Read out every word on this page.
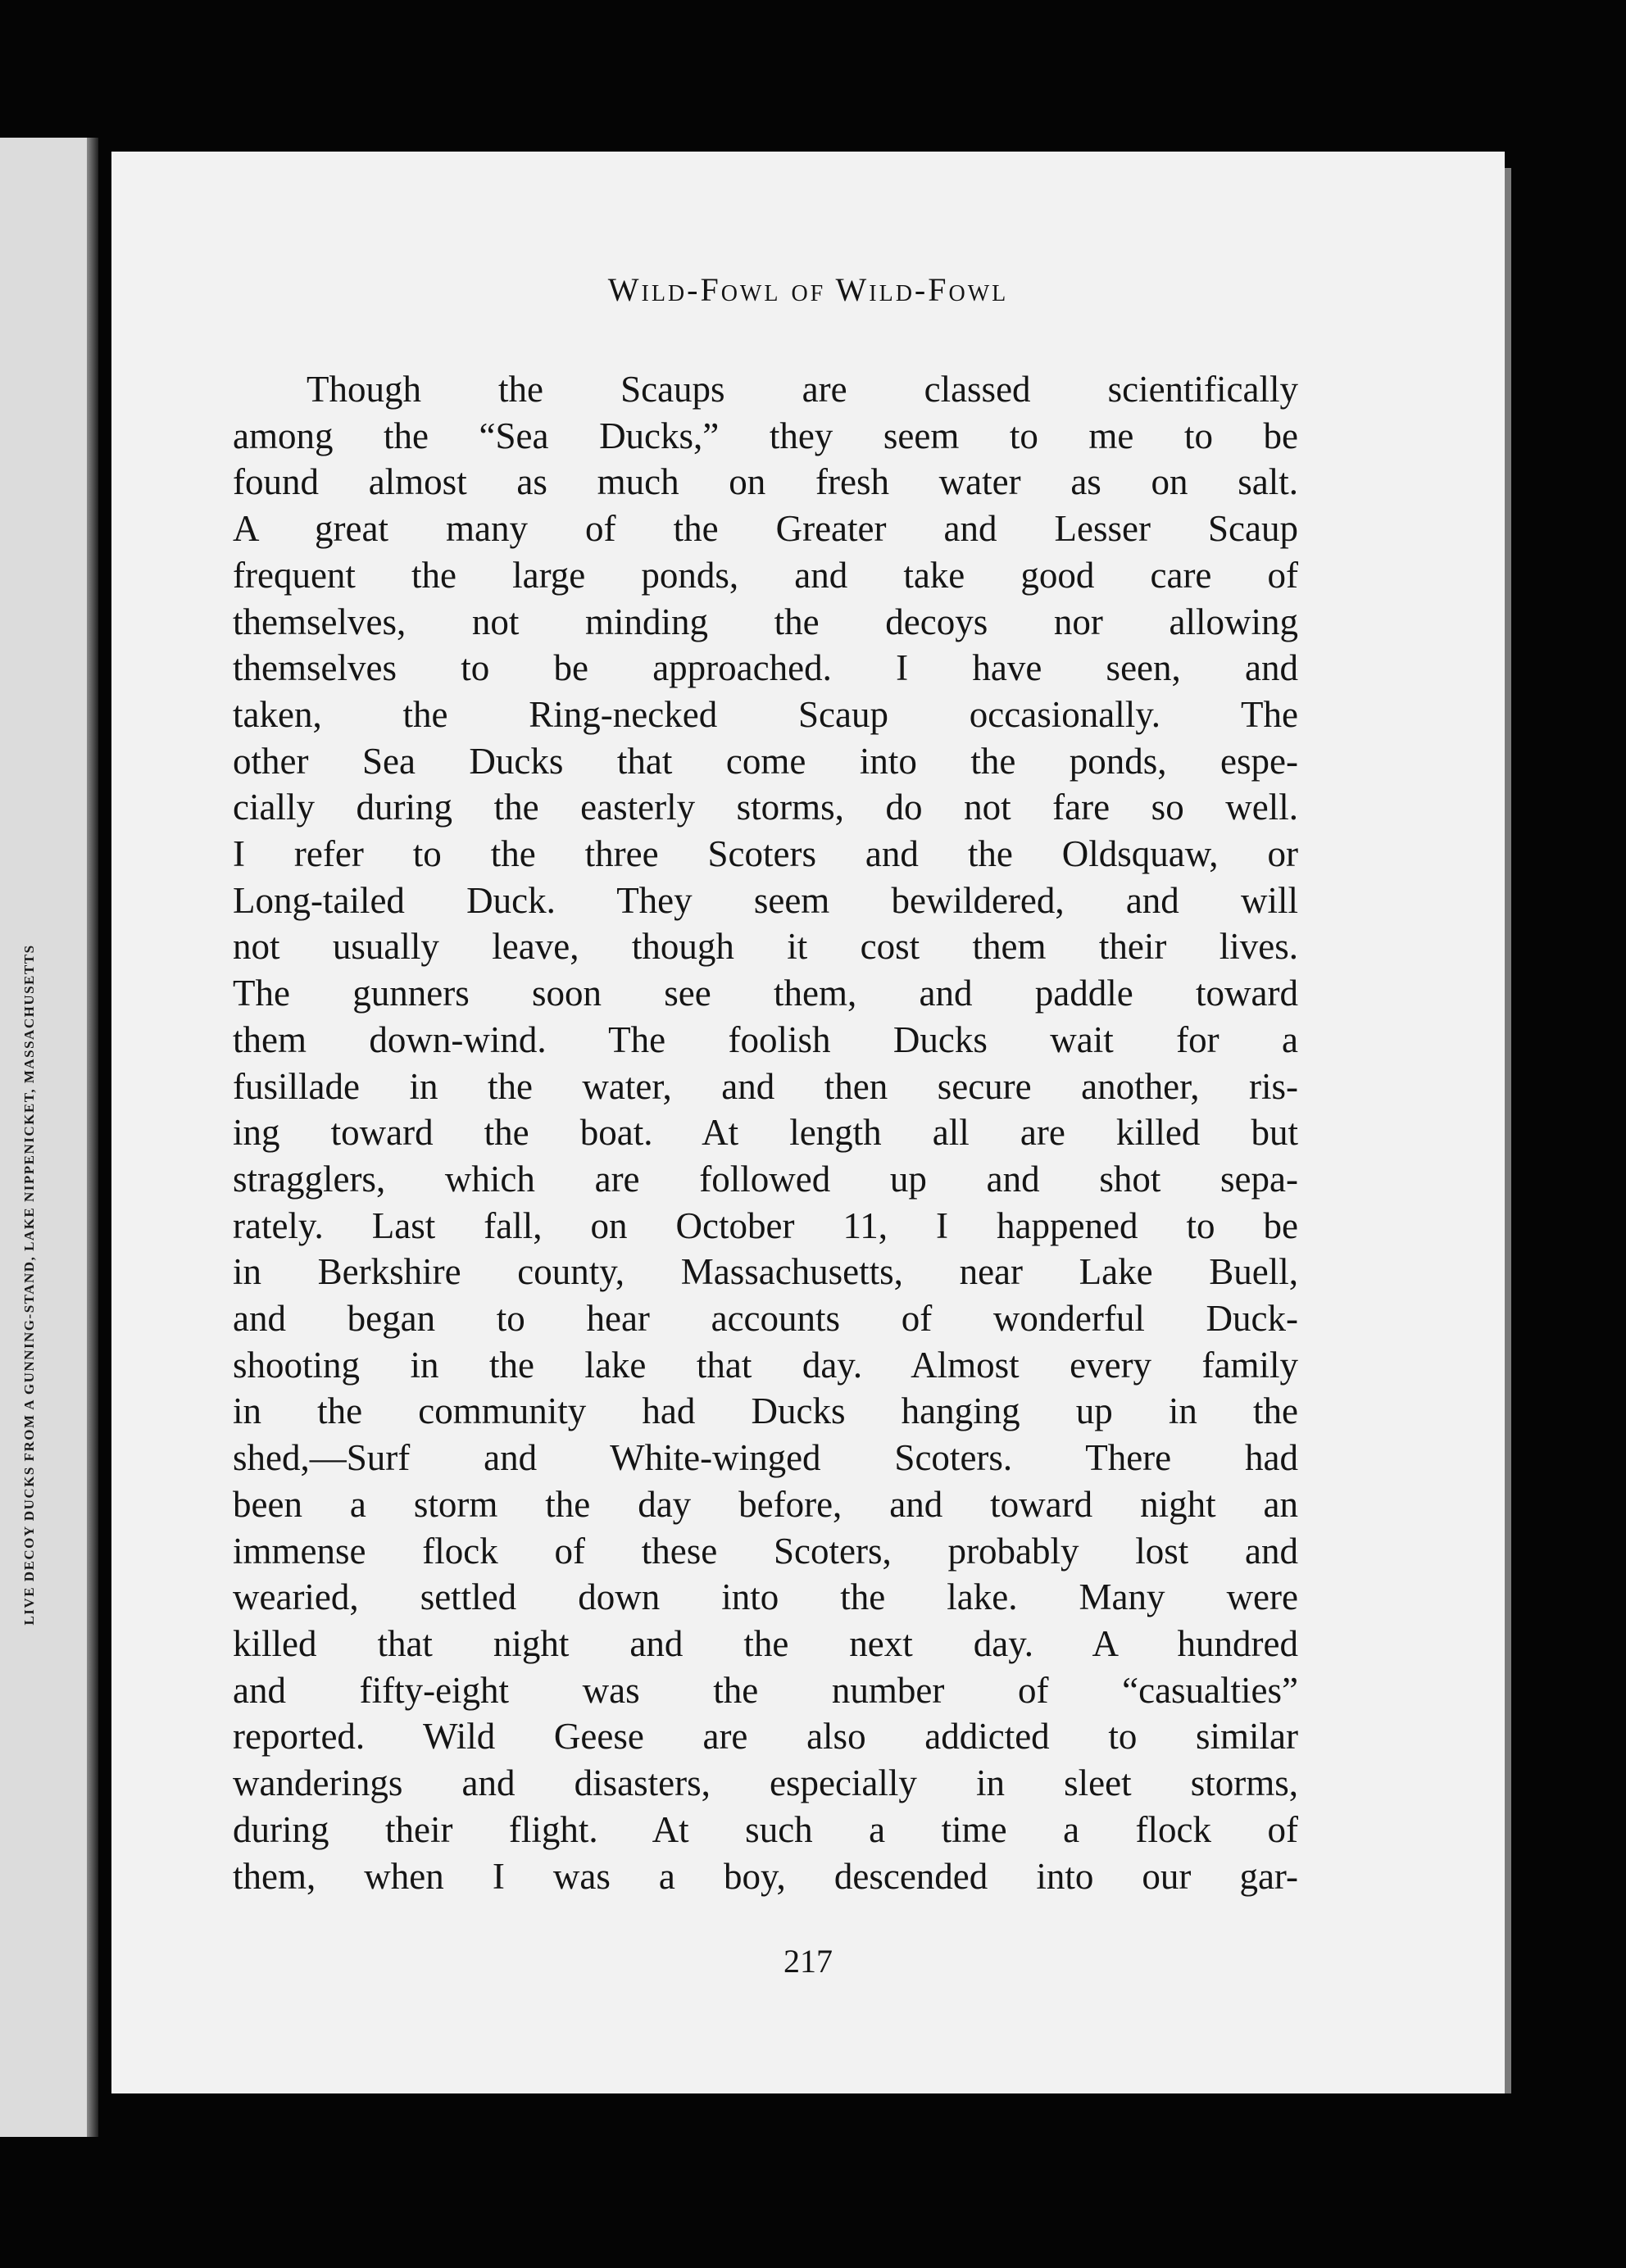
LIVE DECOY DUCKS FROM A GUNNING-STAND, LAKE NIPPENICKET, MASSACHUSETTS
Wild-Fowl of Wild-Fowl
Though the Scaups are classed scientifically
among the “Sea Ducks,” they seem to me to be
found almost as much on fresh water as on salt.
A great many of the Greater and Lesser Scaup
frequent the large ponds, and take good care of
themselves, not minding the decoys nor allowing
themselves to be approached. I have seen, and
taken, the Ring-necked Scaup occasionally. The
other Sea Ducks that come into the ponds, espe-
cially during the easterly storms, do not fare so well.
I refer to the three Scoters and the Oldsquaw, or
Long-tailed Duck. They seem bewildered, and will
not usually leave, though it cost them their lives.
The gunners soon see them, and paddle toward
them down-wind. The foolish Ducks wait for a
fusillade in the water, and then secure another, ris-
ing toward the boat. At length all are killed but
stragglers, which are followed up and shot sepa-
rately. Last fall, on October 11, I happened to be
in Berkshire county, Massachusetts, near Lake Buell,
and began to hear accounts of wonderful Duck-
shooting in the lake that day. Almost every family
in the community had Ducks hanging up in the
shed,—Surf and White-winged Scoters. There had
been a storm the day before, and toward night an
immense flock of these Scoters, probably lost and
wearied, settled down into the lake. Many were
killed that night and the next day. A hundred
and fifty-eight was the number of “casualties”
reported. Wild Geese are also addicted to similar
wanderings and disasters, especially in sleet storms,
during their flight. At such a time a flock of
them, when I was a boy, descended into our gar-
217
